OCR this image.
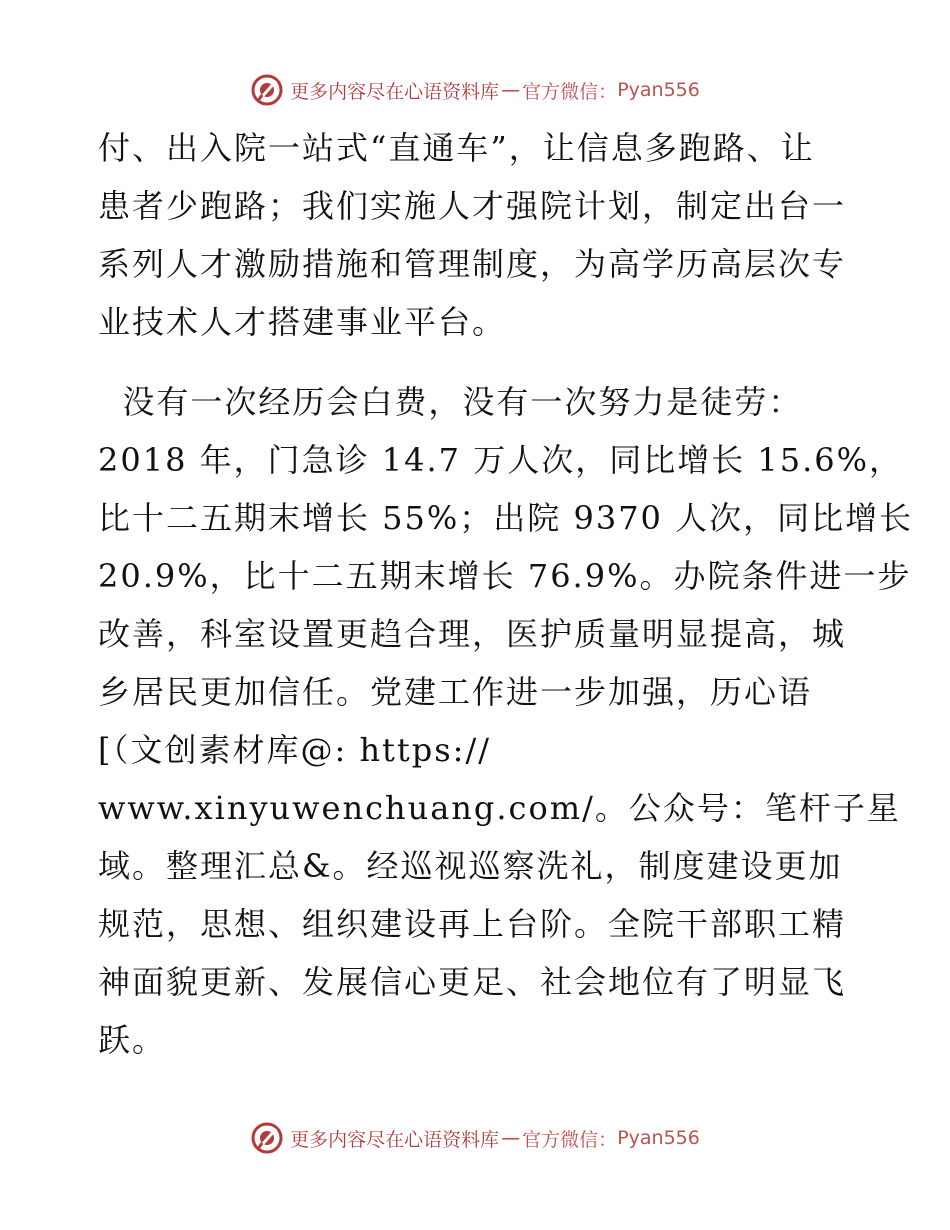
更多内容尽在心语资料库 — 官方微信： Pyan556
付、出入院一站式“直通车”，让信息多跑路、让
患者少跑路；我们实施人才强院计划，制定出台一
系列人才激励措施和管理制度，为高学历高层次专
业技术人才搭建事业平台。
没有一次经历会白费，没有一次努力是徒劳：
2018 年，门急诊 14.7 万人次，同比增长 15.6%，
比十二五期末增长 55%；出院 9370 人次，同比增长
20.9%，比十二五期末增长 76.9%。办院条件进一步
改善，科室设置更趋合理，医护质量明显提高，城
乡居民更加信任。党建工作进一步加强，历心语
[（文创素材库@: https://
www.xinyuwenchuang.com/。公众号：笔杆子星
域。整理汇总&。经巡视巡察洗礼，制度建设更加
规范，思想、组织建设再上台阶。全院干部职工精
神面貌更新、发展信心更足、社会地位有了明显飞
跃。
更多内容尽在心语资料库 — 官方微信： Pyan556
